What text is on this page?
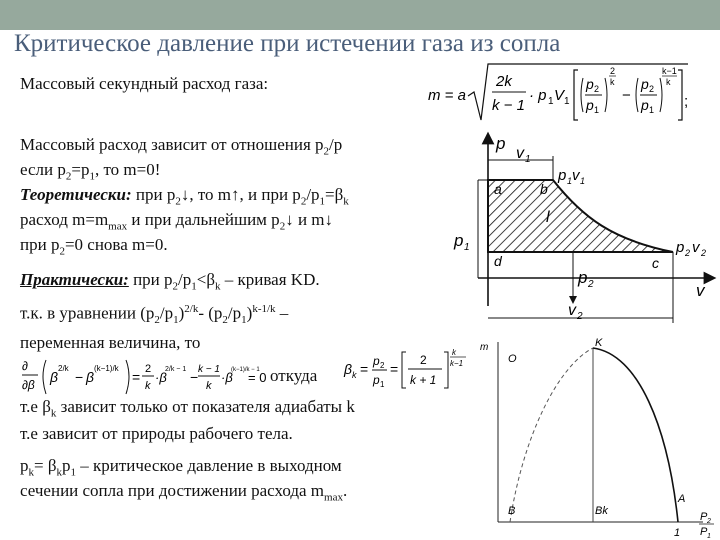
Критическое давление при истечении газа из сопла
Массовый секундный расход газа:
Массовый расход зависит от отношения $p_2/p$
если $p_2=p_1$, то m=0!
Теоретически: при $p_2↓$, то m↑, и при $p_2/p_1=\beta_k$
расход $m=m_{max}$ и при дальнейшим $p_2↓$ и m↓
при $p_2=0$ снова m=0.
Практически: при $p_2/p_1<\beta_k$ – кривая KD.
т.к. в уравнении $(p_2/p_1)^{2/k}-$ $(p_2/p_1)^{k-1/k}$ –
переменная величина, то
откуда
т.е $\beta_k$ зависит только от показателя адиабаты k
т.е зависит от природы рабочего тела.
$p_k= \beta_kp_1$ – критическое давление в выходном
сечении сопла при достижении расхода $m_{max}$.
m = a
2k
k − 1
· p 1 V 1
p 2
p 1
2
k
−
p 2
p 1
k−1
k
;
p
v 1
p 1 v 1
a	b
l
d	c
p 1
p 2
p 2 v 2
v
v 2
∂
∂β β
2/k
− β
(k−1)/k
= 2
k
·β
2/k − 1 − k − 1
k
·β
(k−1)/k − 1
= 0
β k = p 2
p 1
=
2
k + 1
k
k−1
m
O
K
A
B	Bk
1
P 2
P 1
